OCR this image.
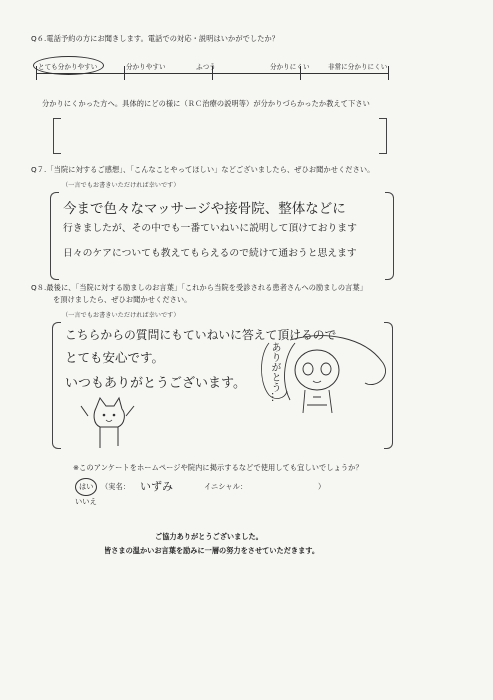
Q６.電話予約の方にお聞きします。電話での対応・説明はいかがでしたか？
とても分かりやすい	分かりやすい	ふつう	分かりにくい	非常に分かりにくい
分かりにくかった方へ。具体的にどの様に（ＲＣ治療の説明等）が分かりづらかったか教えて下さい
Q７.「当院に対するご感想」、「こんなことやってほしい」などございましたら、ぜひお聞かせください。
（一言でもお書きいただければ幸いです）
今まで色々なマッサージや接骨院、整体などに
行きましたが、その中でも一番ていねいに説明して頂けております
日々のケアについても教えてもらえるので続けて通おうと思えます
Q８.最後に、「当院に対する励ましのお言葉」「これから当院を受診される患者さんへの励ましの言葉」
を頂けましたら、ぜひお聞かせください。
（一言でもお書きいただければ幸いです）
こちらからの質問にもていねいに答えて頂けるので
とても安心です。
いつもありがとうございます。 ありがとう…
※このアンケートをホームページや院内に掲示するなどで使用しても宜しいでしょうか？
はい
いいえ
（実名： いずみ	イニシャル：	）
ご協力ありがとうございました。
皆さまの温かいお言葉を励みに一層の努力をさせていただきます。
